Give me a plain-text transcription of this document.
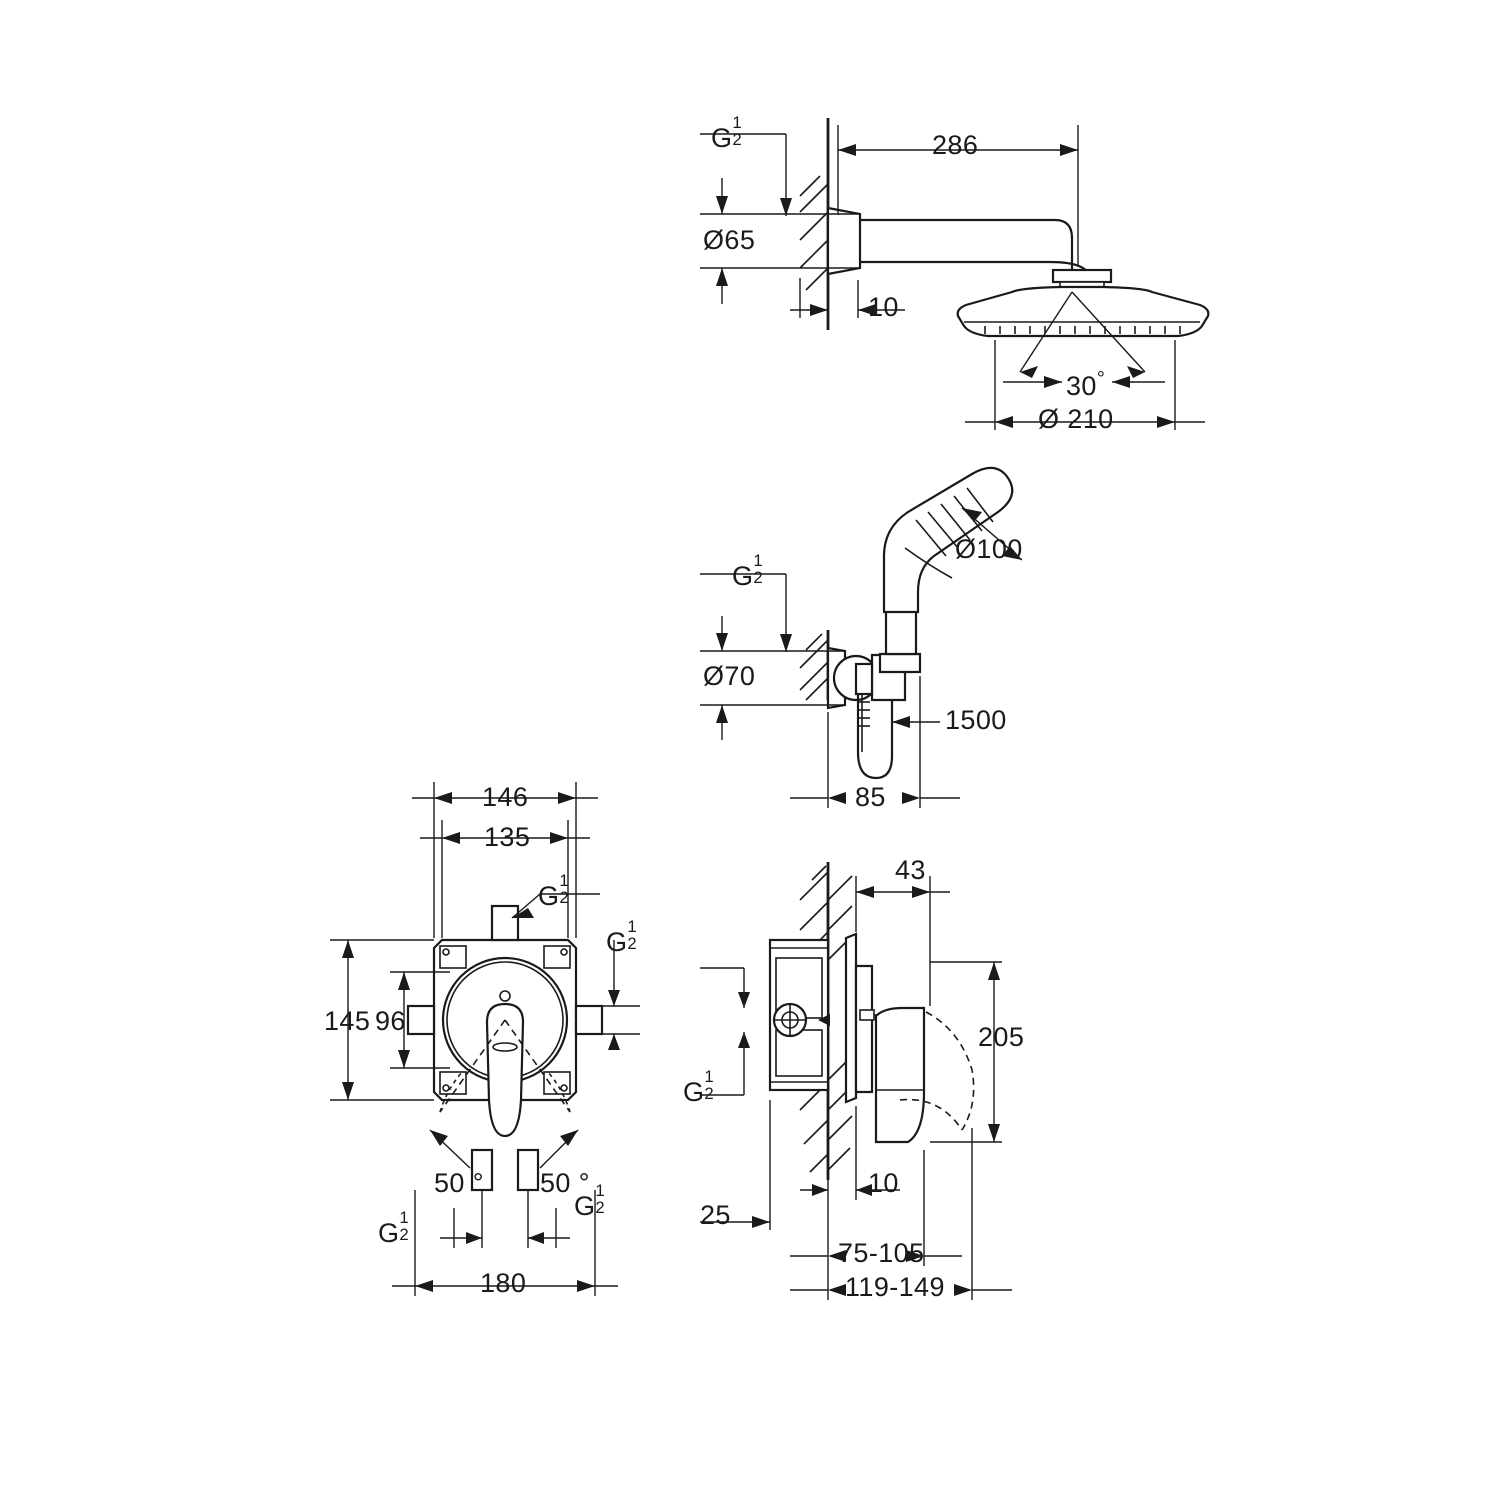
G
1
2	286
Ø65
10
30°
Ø 210
Ø100
G
1
2
Ø70
1500
85
146
135
145 96
G
1
2
G
1
2
50 ° 50 °
G
1
2
G
1
2
180
43
205
G
1
2
10
25
75-105
119-149
